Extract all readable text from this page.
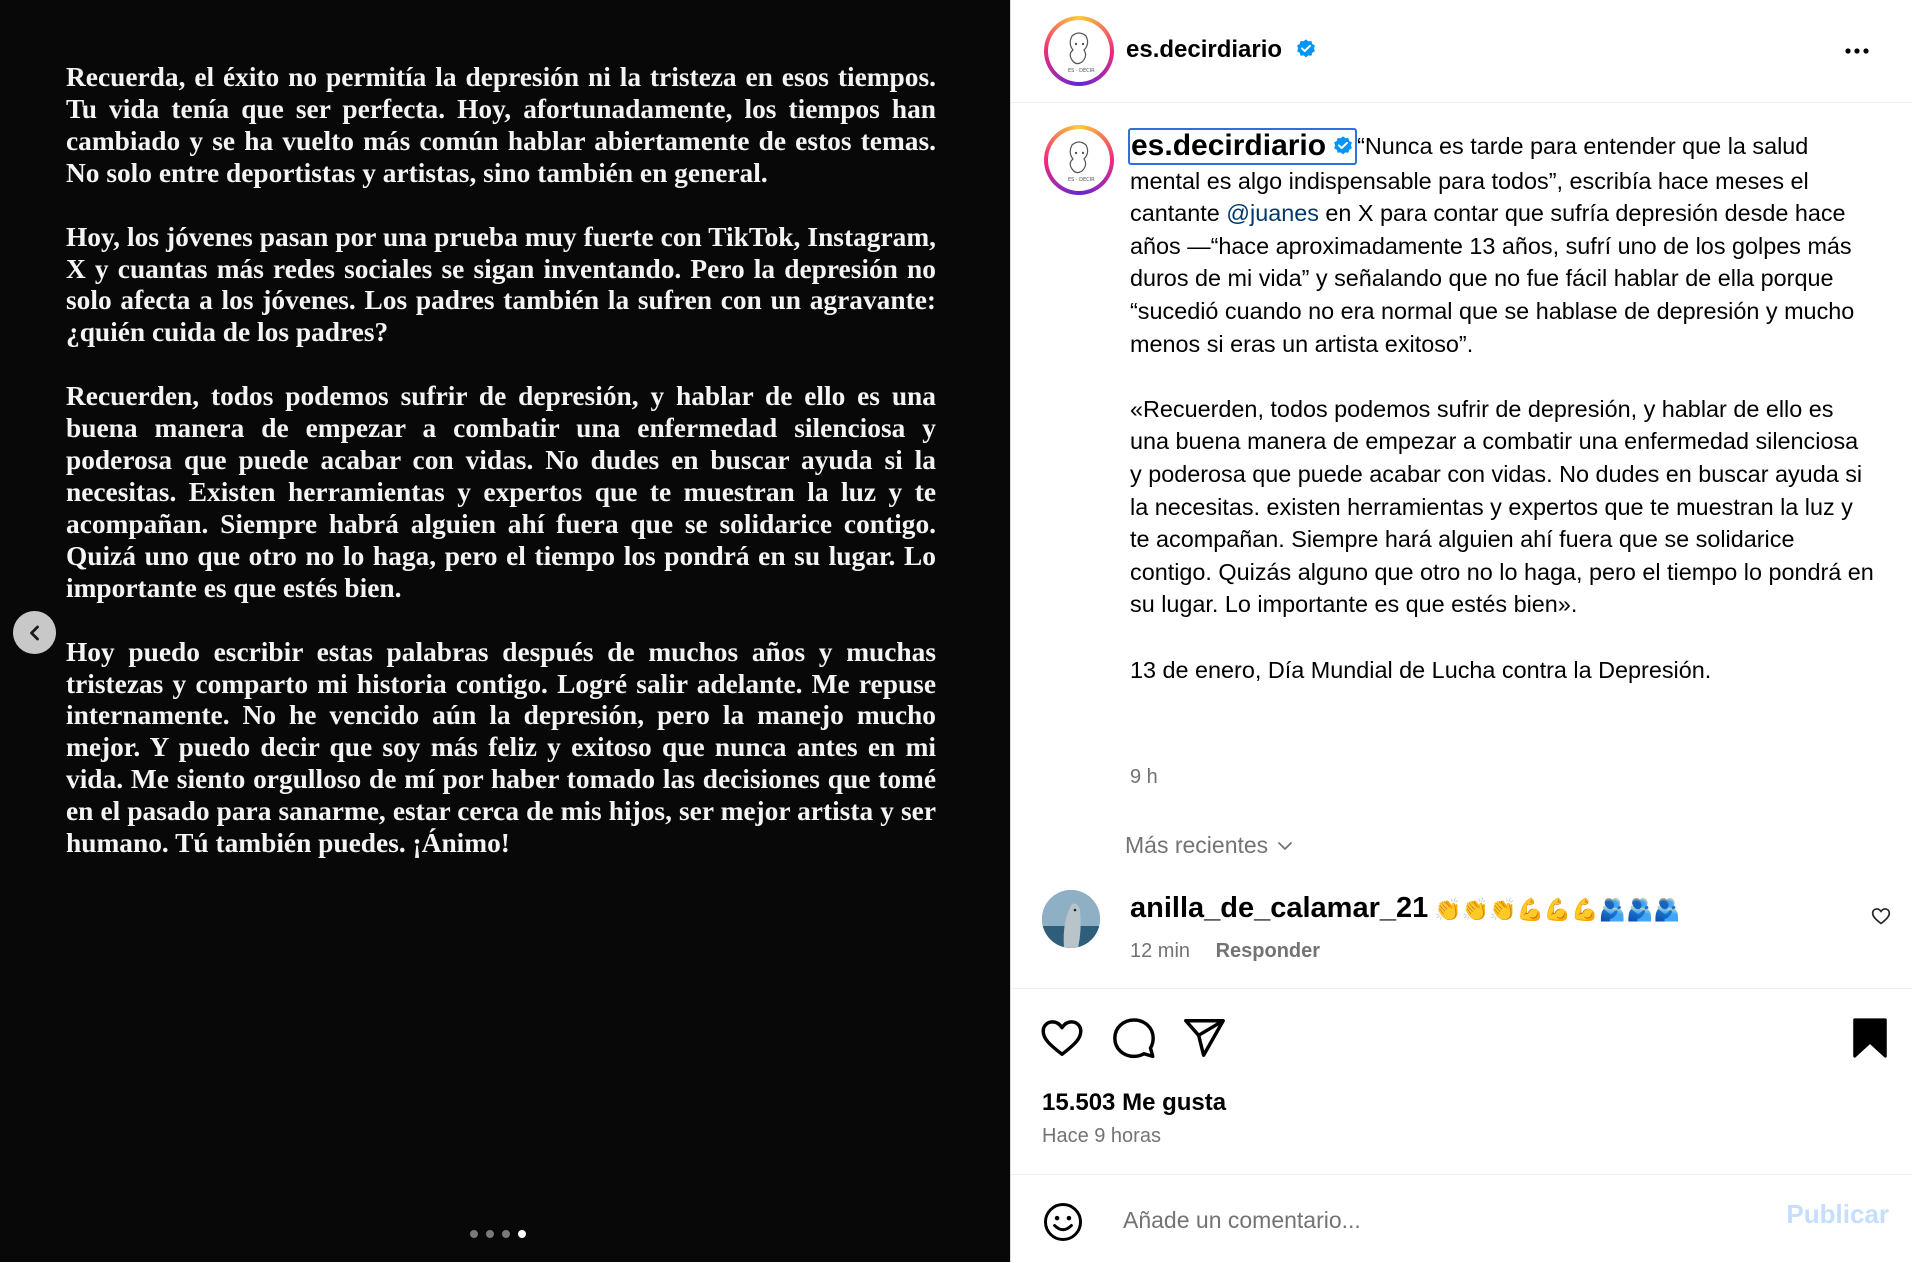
Recuerda, el éxito no permitía la depresión ni la tristeza en esos tiempos. Tu vida tenía que ser perfecta. Hoy, afortunadamente, los tiempos han cambiado y se ha vuelto más común hablar abiertamente de estos temas. No solo entre deportistas y artistas, sino también en general.

Hoy, los jóvenes pasan por una prueba muy fuerte con TikTok, Instagram, X y cuantas más redes sociales se sigan inventando. Pero la depresión no solo afecta a los jóvenes. Los padres también la sufren con un agravante: ¿quién cuida de los padres?

Recuerden, todos podemos sufrir de depresión, y hablar de ello es una buena manera de empezar a combatir una enfermedad silenciosa y poderosa que puede acabar con vidas. No dudes en buscar ayuda si la necesitas. Existen herramientas y expertos que te muestran la luz y te acompañan. Siempre habrá alguien ahí fuera que se solidarice contigo. Quizá uno que otro no lo haga, pero el tiempo los pondrá en su lugar. Lo importante es que estés bien.

Hoy puedo escribir estas palabras después de muchos años y muchas tristezas y comparto mi historia contigo. Logré salir adelante. Me repuse internamente. No he vencido aún la depresión, pero la manejo mucho mejor. Y puedo decir que soy más feliz y exitoso que nunca antes en mi vida. Me siento orgulloso de mí por haber tomado las decisiones que tomé en el pasado para sanarme, estar cerca de mis hijos, ser mejor artista y ser humano. Tú también puedes. ¡Ánimo!

ES · DECIR
es.decirdiario
ES · DECIR

es.decirdiario “Nunca es tarde para entender que la salud mental es algo indispensable para todos”, escribía hace meses el cantante @juanes en X para contar que sufría depresión desde hace años —“hace aproximadamente 13 años, sufrí uno de los golpes más duros de mi vida” y señalando que no fue fácil hablar de ella porque “sucedió cuando no era normal que se hablase de depresión y mucho menos si eras un artista exitoso”.

«Recuerden, todos podemos sufrir de depresión, y hablar de ello es una buena manera de empezar a combatir una enfermedad silenciosa y poderosa que puede acabar con vidas. No dudes en buscar ayuda si la necesitas. existen herramientas y expertos que te muestran la luz y te acompañan. Siempre hará alguien ahí fuera que se solidarice contigo. Quizás alguno que otro no lo haga, pero el tiempo lo pondrá en su lugar. Lo importante es que estés bien».

13 de enero, Día Mundial de Lucha contra la Depresión.

9 h
Más recientes
anilla_de_calamar_21 👏👏👏💪💪💪🫂🫂🫂
12 min Responder
15.503 Me gusta
Hace 9 horas
Añade un comentario...
Publicar
